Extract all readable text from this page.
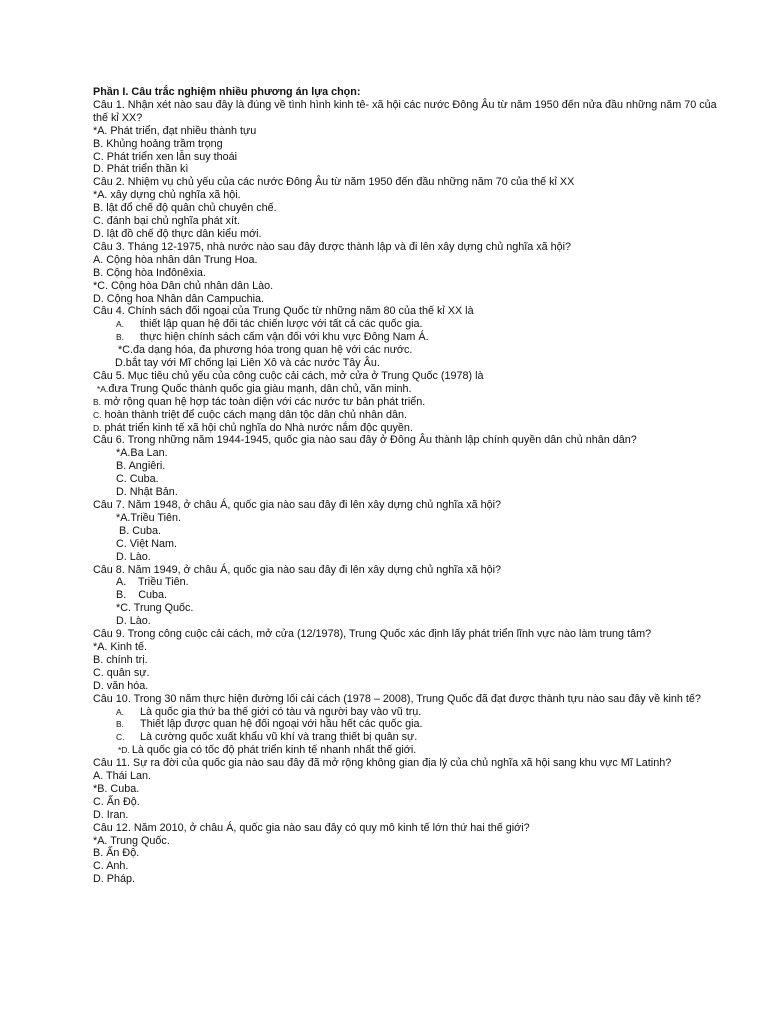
Phần I. Câu trắc nghiệm nhiều phương án lựa chọn:
Câu 1. Nhận xét nào sau đây là đúng về tình hình kinh tê- xã hội các nước Đông Âu từ năm 1950 đến nửa đầu những năm 70 của thế kỉ XX?
*A. Phát triển, đạt nhiều thành tựu
B. Khủng hoảng trầm trọng
C. Phát triển xen lẫn suy thoái
D. Phát triển thần kì
Câu 2. Nhiệm vụ chủ yếu của các nước Đông Âu từ năm 1950 đến đầu những năm 70 của thế kỉ XX
*A. xây dựng chủ nghĩa xã hội.
B. lật đổ chế độ quân chủ chuyên chế.
C. đánh bại chủ nghĩa phát xít.
D. lật đồ chế độ thực dân kiểu mới.
Câu 3. Tháng 12-1975, nhà nước nào sau đây được thành lập và đi lên xây dựng chủ nghĩa xã hội?
A. Cộng hòa nhân dân Trung Hoa.
B. Cộng hòa Inđônêxia.
*C. Cộng hòa Dân chủ nhân dân Lào.
D. Cộng hoa Nhân dân Campuchia.
Câu 4. Chính sách đối ngoại của Trung Quốc từ những năm 80 của thế kỉ XX là
A. thiết lập quan hệ đối tác chiến lược với tất cả các quốc gia.
B. thực hiện chính sách cấm vận đối với khu vực Đông Nam Á.
*C.đa dạng hóa, đa phương hóa trong quan hệ với các nước.
D.bắt tay với Mĩ chống lại Liên Xô và các nước Tây Âu.
Câu 5. Mục tiêu chủ yếu của công cuộc cải cách, mở cửa ở Trung Quốc (1978) là
*A.đưa Trung Quốc thành quốc gia giàu mạnh, dân chủ, văn minh.
B. mở rộng quan hệ hợp tác toàn diện với các nước tư bản phát triển.
C. hoàn thành triệt để cuộc cách mạng dân tộc dân chủ nhân dân.
D. phát triển kinh tế xã hội chủ nghĩa do Nhà nước nắm độc quyền.
Câu 6. Trong những năm 1944-1945, quốc gia nào sau đây ở Đông Âu thành lập chính quyền dân chủ nhân dân?
*A.Ba Lan.
B. Angiêri.
C. Cuba.
D. Nhật Bản.
Câu 7. Năm 1948, ở châu Á, quốc gia nào sau đây đi lên xây dựng chủ nghĩa xã hội?
*A.Triều Tiên.
B. Cuba.
C. Việt Nam.
D. Lào.
Câu 8. Năm 1949, ở châu Á, quốc gia nào sau đây đi lên xây dựng chủ nghĩa xã hội?
A.    Triều Tiên.
B.    Cuba.
*C. Trung Quốc.
D. Lào.
Câu 9. Trong công cuộc cải cách, mở cửa (12/1978), Trung Quốc xác định lấy phát triển lĩnh vực nào làm trung tâm?
*A. Kinh tế.
B. chính trị.
C. quân sự.
D. văn hóa.
Câu 10. Trong 30 năm thực hiện đường lối cải cách (1978 – 2008), Trung Quốc đã đạt được thành tựu nào sau đây về kinh tế?
A. Là quốc gia thứ ba thế giới có tàu và người bay vào vũ trụ.
B. Thiết lập được quan hệ đối ngoại với hầu hết các quốc gia.
C. Là cường quốc xuất khẩu vũ khí và trang thiết bị quân sự.
*D. Là quốc gia có tốc độ phát triển kinh tế nhanh nhất thế giới.
Câu 11. Sự ra đời của quốc gia nào sau đây đã mở rộng không gian địa lý của chủ nghĩa xã hội sang khu vực Mĩ Latinh?
A. Thái Lan.
*B. Cuba.
C. Ấn Độ.
D. Iran.
Câu 12. Năm 2010, ở châu Á, quốc gia nào sau đây có quy mô kinh tế lớn thứ hai thế giới?
*A. Trung Quốc.
B. Ấn Độ.
C. Anh.
D. Pháp.
